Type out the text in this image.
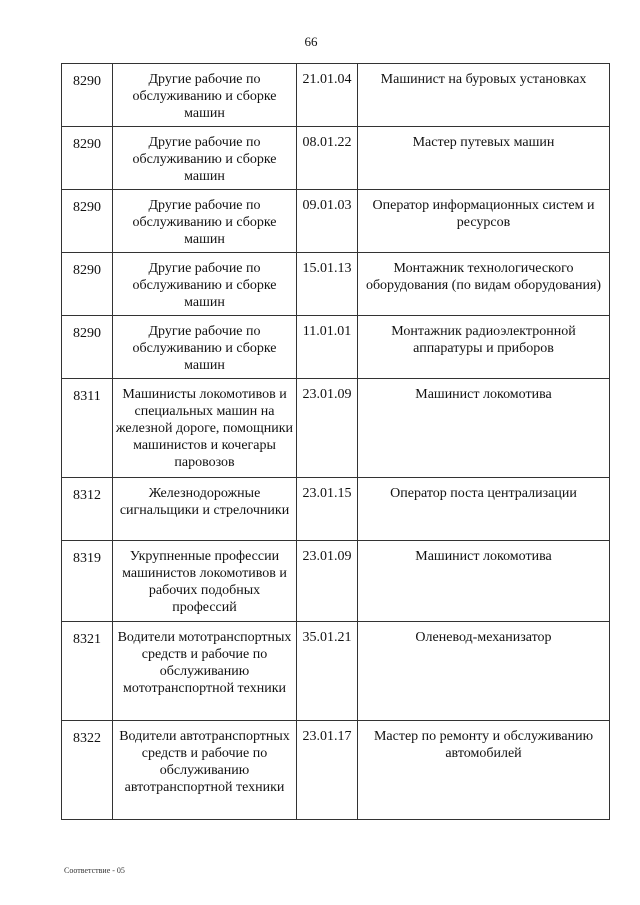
66
8290	Другие рабочие по обслуживанию и сборке машин	21.01.04	Машинист на буровых установках
8290	Другие рабочие по обслуживанию и сборке машин	08.01.22	Мастер путевых машин
8290	Другие рабочие по обслуживанию и сборке машин	09.01.03	Оператор информационных систем и ресурсов
8290	Другие рабочие по обслуживанию и сборке машин	15.01.13	Монтажник технологического оборудования (по видам оборудования)
8290	Другие рабочие по обслуживанию и сборке машин	11.01.01	Монтажник радиоэлектронной аппаратуры и приборов
8311	Машинисты локомотивов и специальных машин на железной дороге, помощники машинистов и кочегары паровозов	23.01.09	Машинист локомотива
8312	Железнодорожные сигнальщики и стрелочники	23.01.15	Оператор поста централизации
8319	Укрупненные профессии машинистов локомотивов и рабочих подобных профессий	23.01.09	Машинист локомотива
8321	Водители мототранспортных средств и рабочие по обслуживанию мототранспортной техники	35.01.21	Оленевод-механизатор
8322	Водители автотранспортных средств и рабочие по обслуживанию автотранспортной техники	23.01.17	Мастер по ремонту и обслуживанию автомобилей
Соответствие - 05
